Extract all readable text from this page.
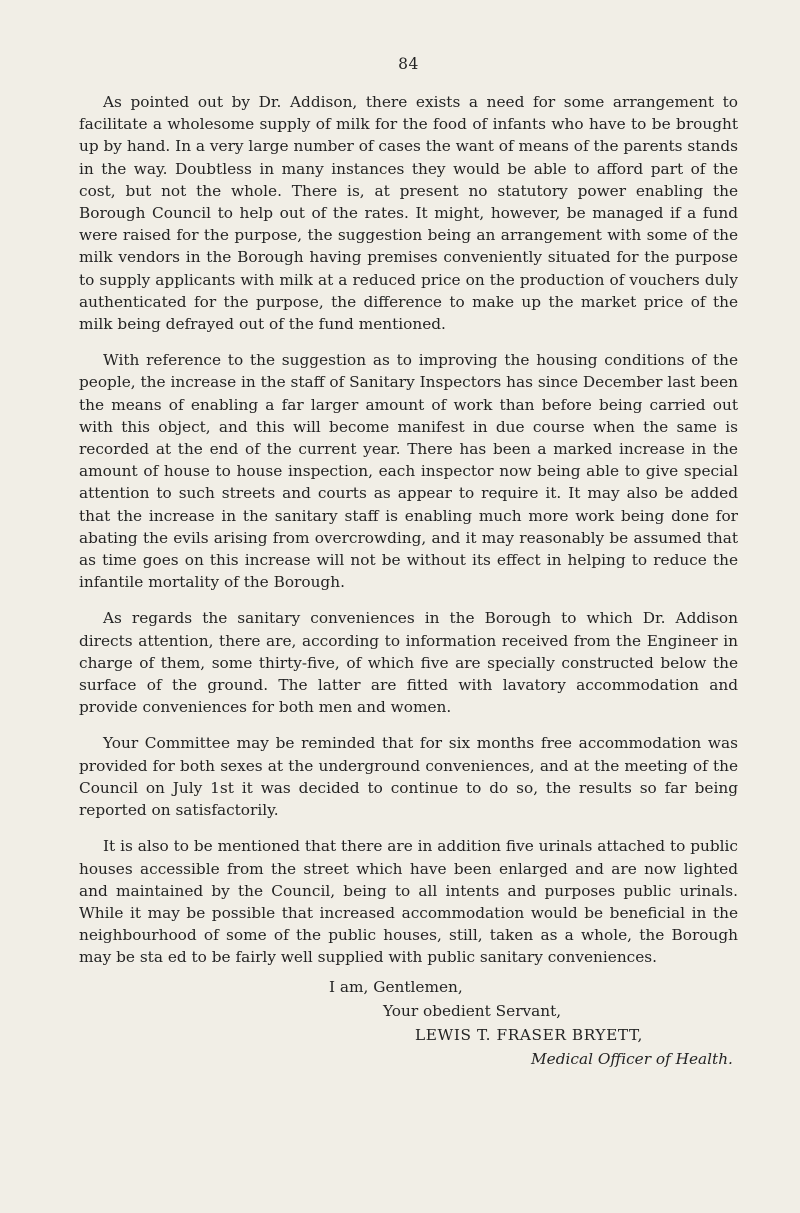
84

As pointed out by Dr. Addison, there exists a need for some arrangement to facilitate a wholesome supply of milk for the food of infants who have to be brought up by hand. In a very large number of cases the want of means of the parents stands in the way. Doubtless in many instances they would be able to afford part of the cost, but not the whole. There is, at present no statutory power enabling the Borough Council to help out of the rates. It might, however, be managed if a fund were raised for the purpose, the suggestion being an arrangement with some of the milk vendors in the Borough having premises conveniently situated for the purpose to supply applicants with milk at a reduced price on the production of vouchers duly authenticated for the purpose, the difference to make up the market price of the milk being defrayed out of the fund mentioned.

With reference to the suggestion as to improving the housing conditions of the people, the increase in the staff of Sanitary Inspectors has since December last been the means of enabling a far larger amount of work than before being carried out with this object, and this will become manifest in due course when the same is recorded at the end of the current year. There has been a marked increase in the amount of house to house inspection, each inspector now being able to give special attention to such streets and courts as appear to require it. It may also be added that the increase in the sanitary staff is enabling much more work being done for abating the evils arising from overcrowding, and it may reasonably be assumed that as time goes on this increase will not be without its effect in helping to reduce the infantile mortality of the Borough.

As regards the sanitary conveniences in the Borough to which Dr. Addison directs attention, there are, according to information received from the Engineer in charge of them, some thirty-five, of which five are specially constructed below the surface of the ground. The latter are fitted with lavatory accommodation and provide conveniences for both men and women.

Your Committee may be reminded that for six months free accommodation was provided for both sexes at the underground conveniences, and at the meeting of the Council on July 1st it was decided to continue to do so, the results so far being reported on satisfactorily.

It is also to be mentioned that there are in addition five urinals attached to public houses accessible from the street which have been enlarged and are now lighted and maintained by the Council, being to all intents and purposes public urinals. While it may be possible that increased accommodation would be beneficial in the neighbourhood of some of the public houses, still, taken as a whole, the Borough may be sta ed to be fairly well supplied with public sanitary conveniences.

I am, Gentlemen,
Your obedient Servant,
LEWIS T. FRASER BRYETT,
Medical Officer of Health.
